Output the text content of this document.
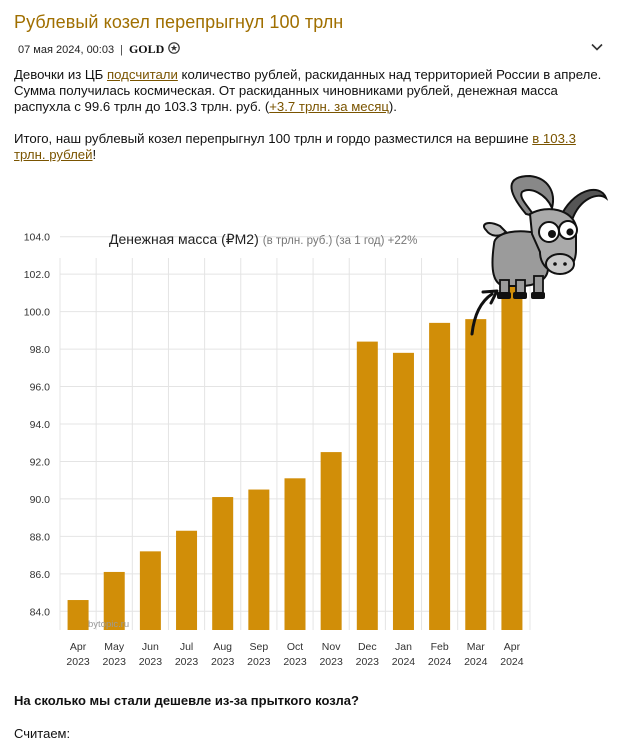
Рублевый козел перепрыгнул 100 трлн
07 мая 2024, 00:03 | GOLD

Девочки из ЦБ подсчитали количество рублей, раскиданных над территорией России в апреле. Сумма получилась космическая. От раскиданных чиновниками рублей, денежная масса распухла с 99.6 трлн до 103.3 трлн. руб. (+3.7 трлн. за месяц).

Итого, наш рублевый козел перепрыгнул 100 трлн и гордо разместился на вершине в 103.3 трлн. рублей!

Денежная масса (₽М2) (в трлн. руб.) (за 1 год) +22%
84.0
86.0
88.0
90.0
92.0
94.0
96.0
98.0
100.0
102.0
104.0
Apr
2023
May
2023
Jun
2023
Jul
2023
Aug
2023
Sep
2023
Oct
2023
Nov
2023
Dec
2023
Jan
2024
Feb
2024
Mar
2024
Apr
2024
bytopic.ru
На сколько мы стали дешевле из-за прыткого козла?
Считаем:
